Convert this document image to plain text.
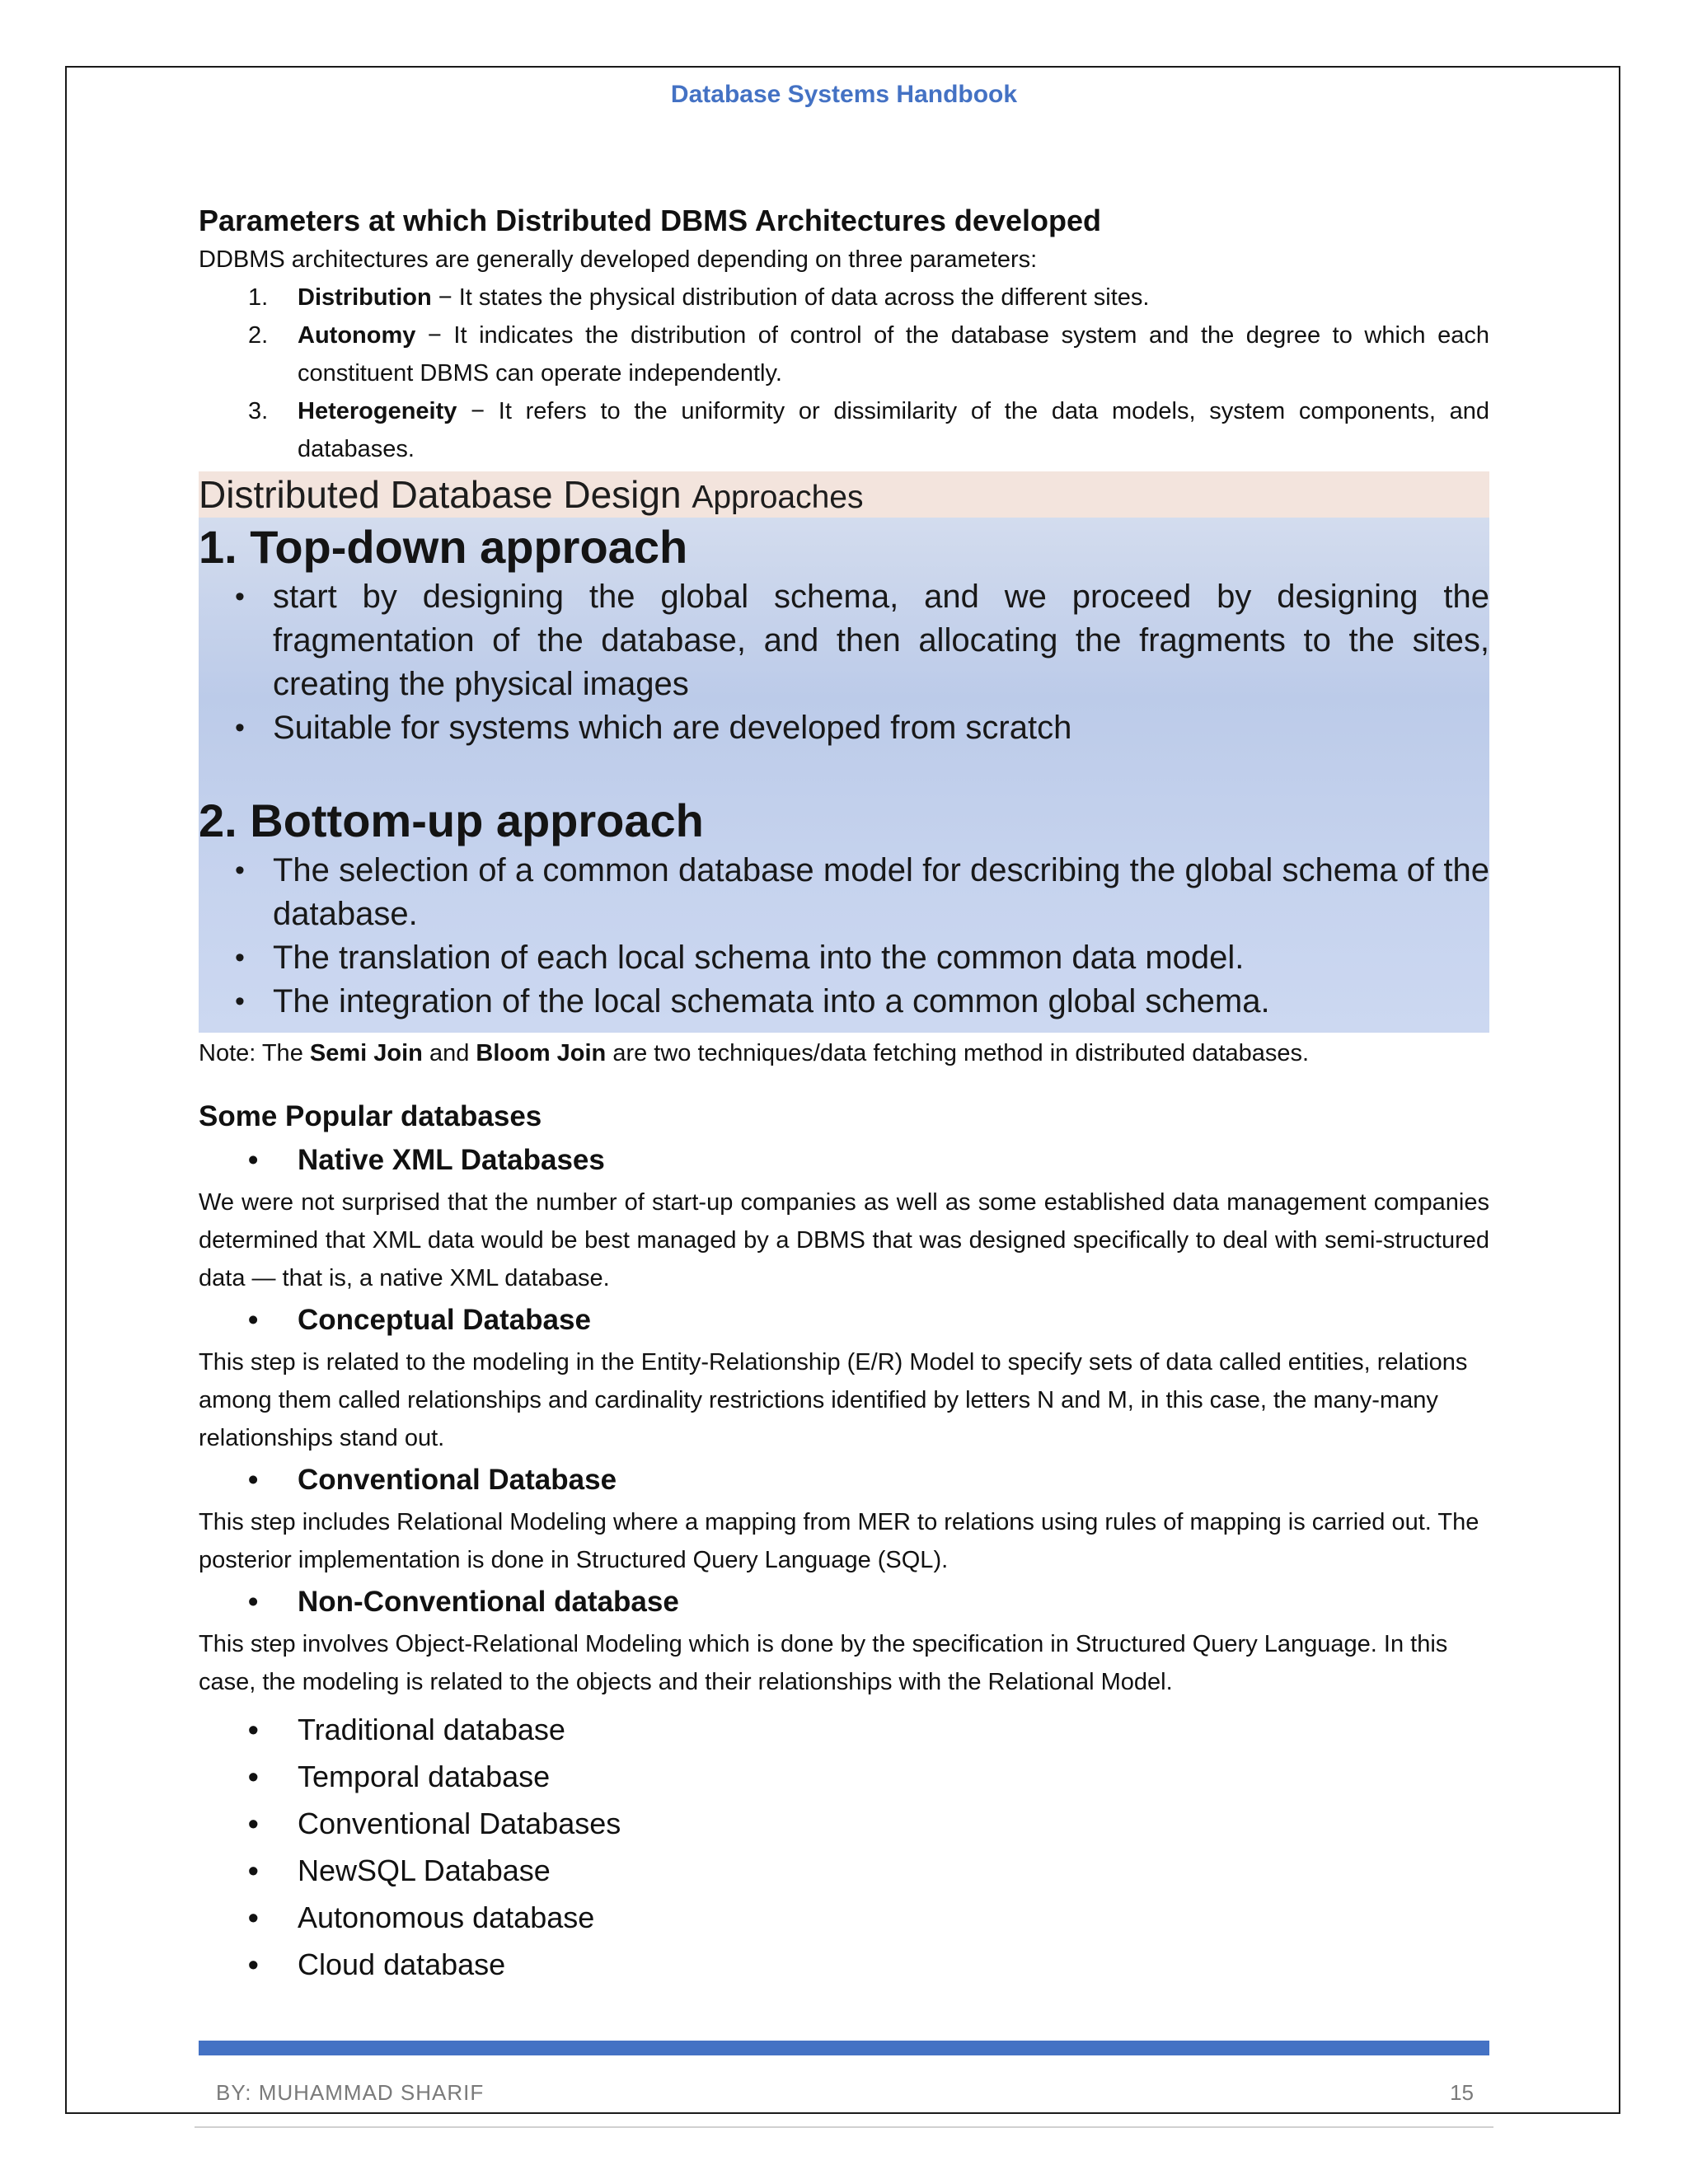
Database Systems Handbook
Parameters at which Distributed DBMS Architectures developed

DDBMS architectures are generally developed depending on three parameters:

1. Distribution − It states the physical distribution of data across the different sites.
2. Autonomy − It indicates the distribution of control of the database system and the degree to which each constituent DBMS can operate independently.
3. Heterogeneity − It refers to the uniformity or dissimilarity of the data models, system components, and databases.
Distributed Database Design Approaches
1. Top-down approach
• start by designing the global schema, and we proceed by designing the fragmentation of the database, and then allocating the fragments to the sites, creating the physical images
• Suitable for systems which are developed from scratch
2. Bottom-up approach
• The selection of a common database model for describing the global schema of the database.
• The translation of each local schema into the common data model.
• The integration of the local schemata into a common global schema.

Note: The Semi Join and Bloom Join are two techniques/data fetching method in distributed databases.

Some Popular databases
• Native XML Databases

We were not surprised that the number of start-up companies as well as some established data management companies determined that XML data would be best managed by a DBMS that was designed specifically to deal with semi-structured data — that is, a native XML database.

• Conceptual Database

This step is related to the modeling in the Entity-Relationship (E/R) Model to specify sets of data called entities, relations among them called relationships and cardinality restrictions identified by letters N and M, in this case, the many-many relationships stand out.

• Conventional Database

This step includes Relational Modeling where a mapping from MER to relations using rules of mapping is carried out. The posterior implementation is done in Structured Query Language (SQL).

• Non-Conventional database

This step involves Object-Relational Modeling which is done by the specification in Structured Query Language. In this case, the modeling is related to the objects and their relationships with the Relational Model.

• Traditional database
• Temporal database
• Conventional Databases
• NewSQL Database
• Autonomous database
• Cloud database
BY: MUHAMMAD SHARIF	15
